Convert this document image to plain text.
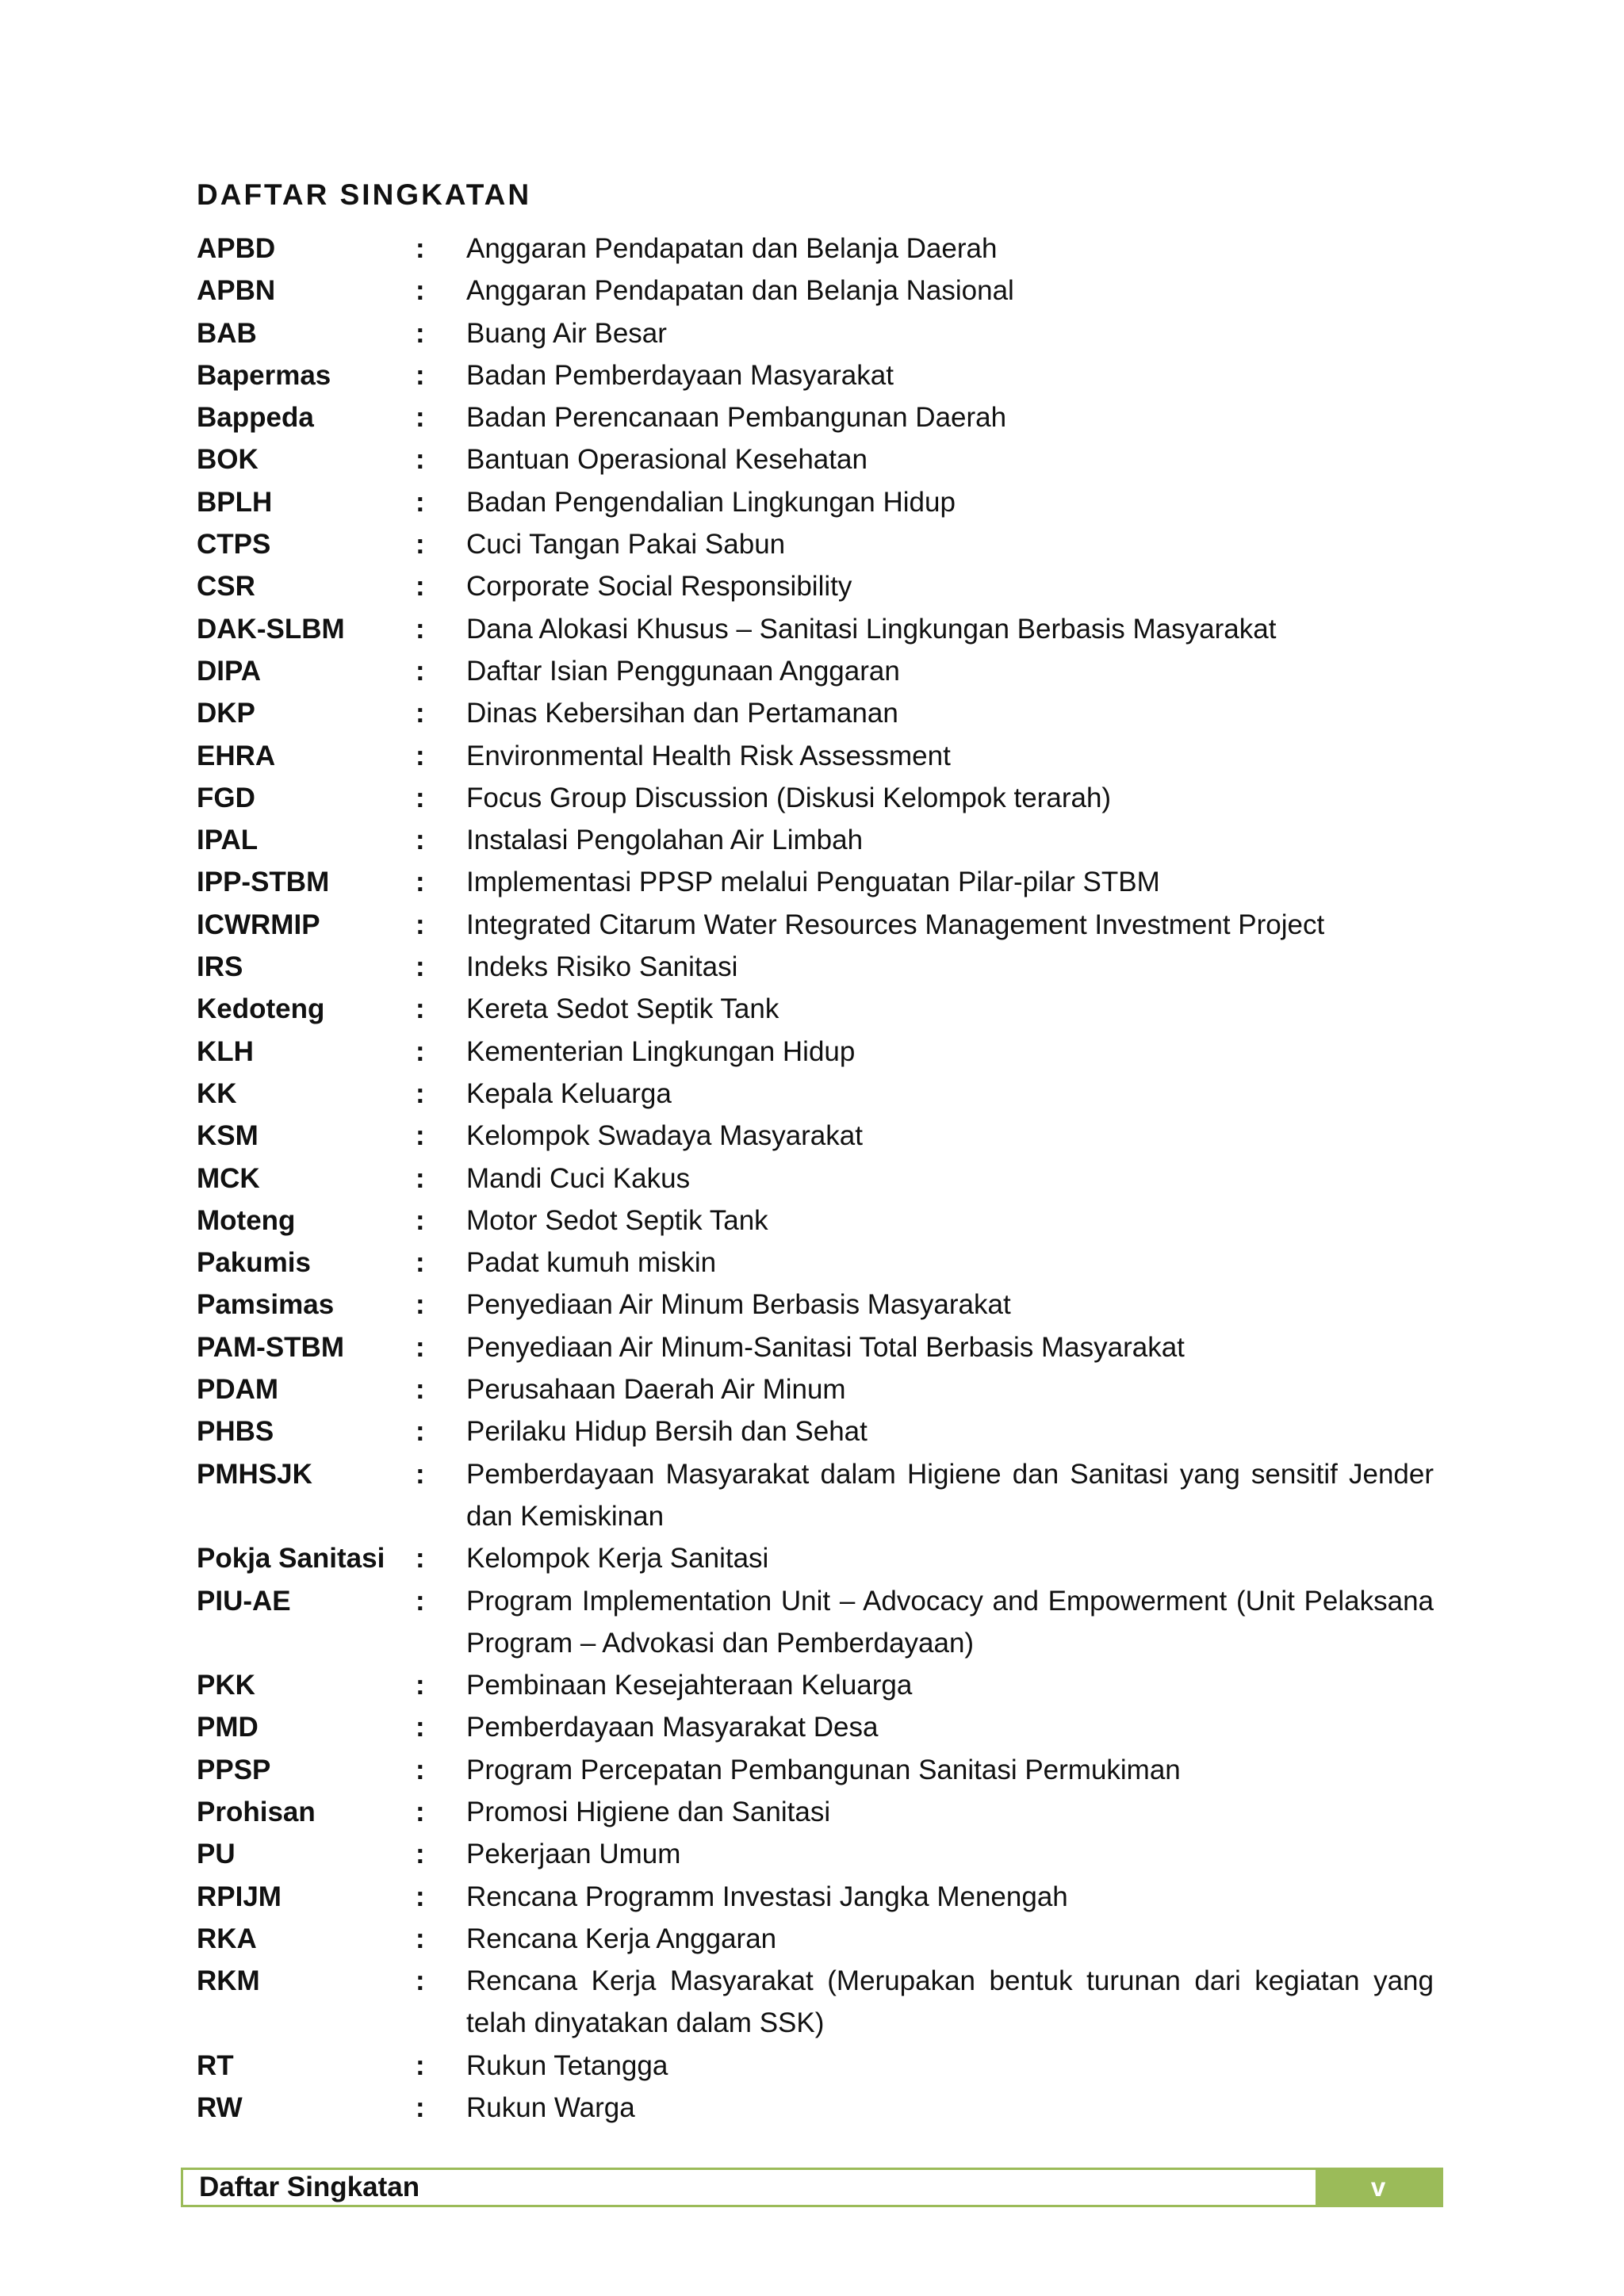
DAFTAR SINGKATAN
APBD	:	Anggaran Pendapatan dan Belanja Daerah
APBN	:	Anggaran Pendapatan dan Belanja Nasional
BAB	:	Buang Air Besar
Bapermas	:	Badan Pemberdayaan Masyarakat
Bappeda	:	Badan Perencanaan Pembangunan Daerah
BOK	:	Bantuan Operasional Kesehatan
BPLH	:	Badan Pengendalian Lingkungan Hidup
CTPS	:	Cuci Tangan Pakai Sabun
CSR	:	Corporate Social Responsibility
DAK-SLBM	:	Dana Alokasi Khusus – Sanitasi Lingkungan Berbasis Masyarakat
DIPA	:	Daftar Isian Penggunaan Anggaran
DKP	:	Dinas Kebersihan dan Pertamanan
EHRA	:	Environmental Health Risk Assessment
FGD	:	Focus Group Discussion (Diskusi Kelompok terarah)
IPAL	:	Instalasi Pengolahan Air Limbah
IPP-STBM	:	Implementasi PPSP melalui Penguatan Pilar-pilar STBM
ICWRMIP	:	Integrated Citarum Water Resources Management Investment Project
IRS	:	Indeks Risiko Sanitasi
Kedoteng	:	Kereta Sedot Septik Tank
KLH	:	Kementerian Lingkungan Hidup
KK	:	Kepala Keluarga
KSM	:	Kelompok Swadaya Masyarakat
MCK	:	Mandi Cuci Kakus
Moteng	:	Motor Sedot Septik Tank
Pakumis	:	Padat kumuh miskin
Pamsimas	:	Penyediaan Air Minum Berbasis Masyarakat
PAM-STBM	:	Penyediaan Air Minum-Sanitasi Total Berbasis Masyarakat
PDAM	:	Perusahaan Daerah Air Minum
PHBS	:	Perilaku Hidup Bersih dan Sehat
PMHSJK	:	Pemberdayaan Masyarakat dalam Higiene dan Sanitasi yang sensitif Jender dan Kemiskinan
Pokja Sanitasi	:	Kelompok Kerja Sanitasi
PIU-AE	:	Program Implementation Unit – Advocacy and Empowerment (Unit Pelaksana Program – Advokasi dan Pemberdayaan)
PKK	:	Pembinaan Kesejahteraan Keluarga
PMD	:	Pemberdayaan Masyarakat Desa
PPSP	:	Program Percepatan Pembangunan Sanitasi Permukiman
Prohisan	:	Promosi Higiene dan Sanitasi
PU	:	Pekerjaan Umum
RPIJM	:	Rencana Programm Investasi Jangka Menengah
RKA	:	Rencana Kerja Anggaran
RKM	:	Rencana Kerja Masyarakat (Merupakan bentuk turunan dari kegiatan yang telah dinyatakan dalam SSK)
RT	:	Rukun Tetangga
RW	:	Rukun Warga
Daftar Singkatan	v
